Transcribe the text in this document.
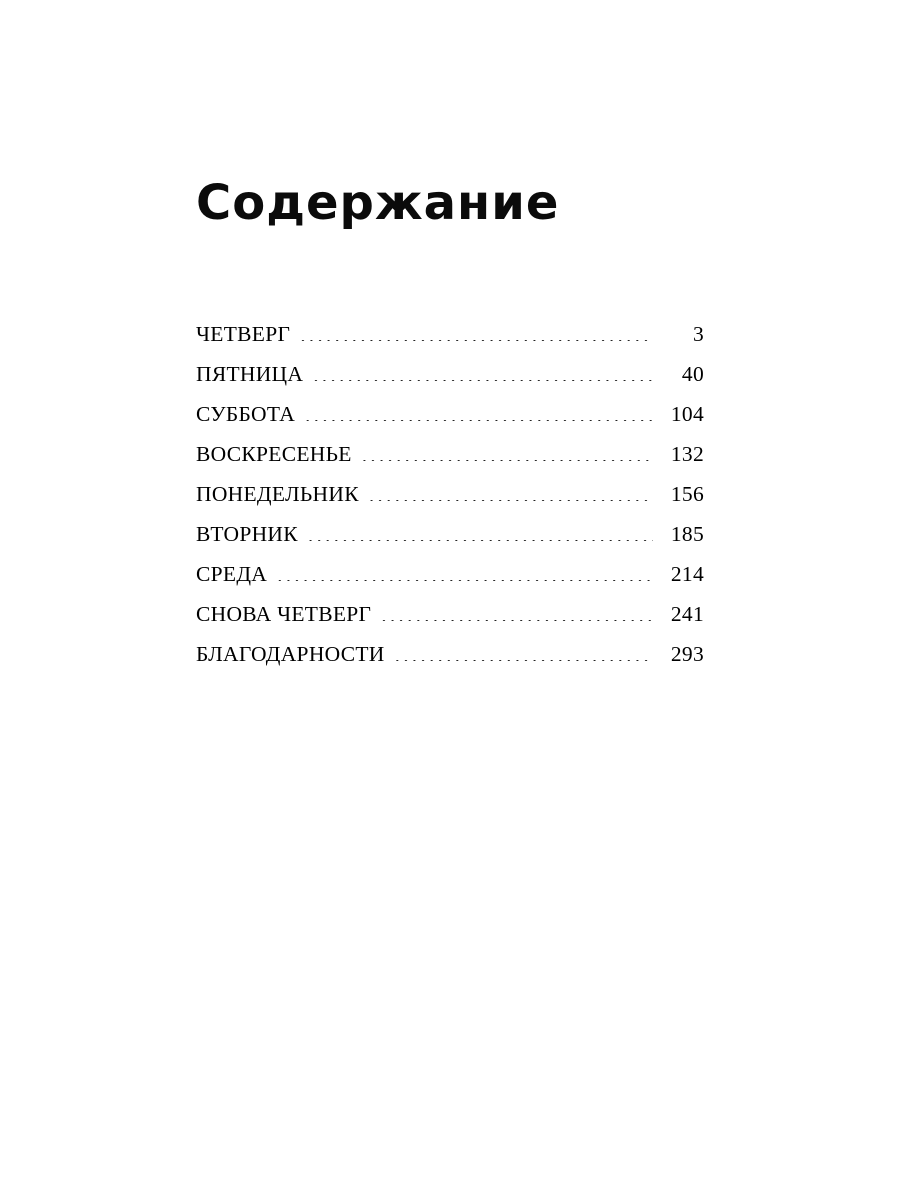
Содержание
ЧЕТВЕРГ .....	3
ПЯТНИЦА .....	40
СУББОТА .....	104
ВОСКРЕСЕНЬЕ .....	132
ПОНЕДЕЛЬНИК .....	156
ВТОРНИК .....	185
СРЕДА .....	214
СНОВА ЧЕТВЕРГ .....	241
БЛАГОДАРНОСТИ .....	293
